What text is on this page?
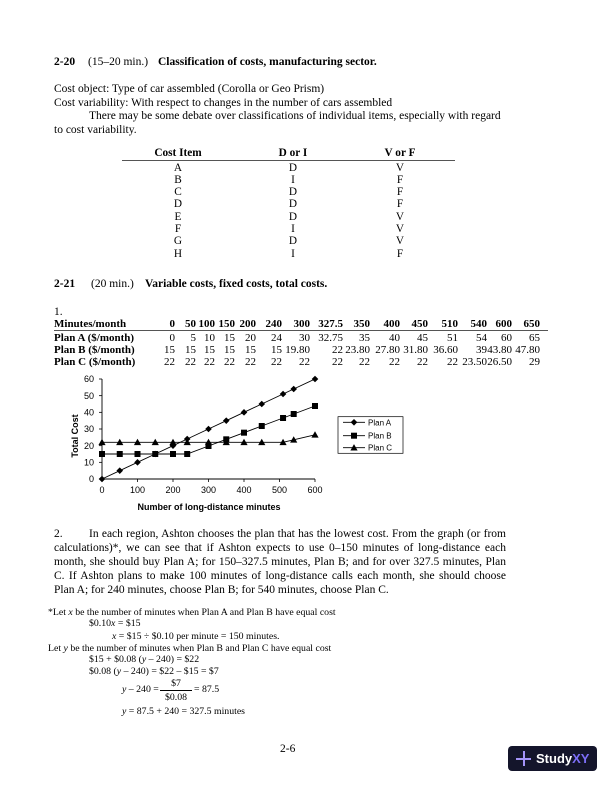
2-20 (15–20 min.) Classification of costs, manufacturing sector.
Cost object: Type of car assembled (Corolla or Geo Prism)
Cost variability: With respect to changes in the number of cars assembled
There may be some debate over classifications of individual items, especially with regard to cost variability.
Cost Item	D or I	V or F
A	D	V
B	I	F
C	D	F
D	D	F
E	D	V
F	I	V
G	D	V
H	I	F
2-21 (20 min.) Variable costs, fixed costs, total costs.
1.
Minutes/month	0 50 100 150 200 240 300 327.5 350 400 450 510 540 600 650
Plan A ($/month)	0 5 10 15 20 24 30 32.75 35 40 45 51 54 60 65
Plan B ($/month)	15 15 15 15 15 15 19.80 22 23.80 27.80 31.80 36.60 39 43.80 47.80
Plan C ($/month)	22 22 22 22 22 22 22 22 22 22 22 22 23.50 26.50 29
0
10
20
30
40
50
60
0	100 200 300 400 500 600
Number of long-distance minutes
Total Cost	Plan A
Plan B
Plan C
2. In each region, Ashton chooses the plan that has the lowest cost. From the graph (or from calculations)*, we can see that if Ashton expects to use 0–150 minutes of long-distance each month, she should buy Plan A; for 150–327.5 minutes, Plan B; and for over 327.5 minutes, Plan C. If Ashton plans to make 100 minutes of long-distance calls each month, she should choose Plan A; for 240 minutes, choose Plan B; for 540 minutes, choose Plan C.
*Let x be the number of minutes when Plan A and Plan B have equal cost
$0.10x = $15
x = $15 ÷ $0.10 per minute = 150 minutes.
Let y be the number of minutes when Plan B and Plan C have equal cost
$15 + $0.08 (y – 240) = $22
$0.08 (y – 240) = $22 – $15 = $7
y – 240 =
$7
$0.08
= 87.5
y = 87.5 + 240 = 327.5 minutes
2-6
StudyXY
